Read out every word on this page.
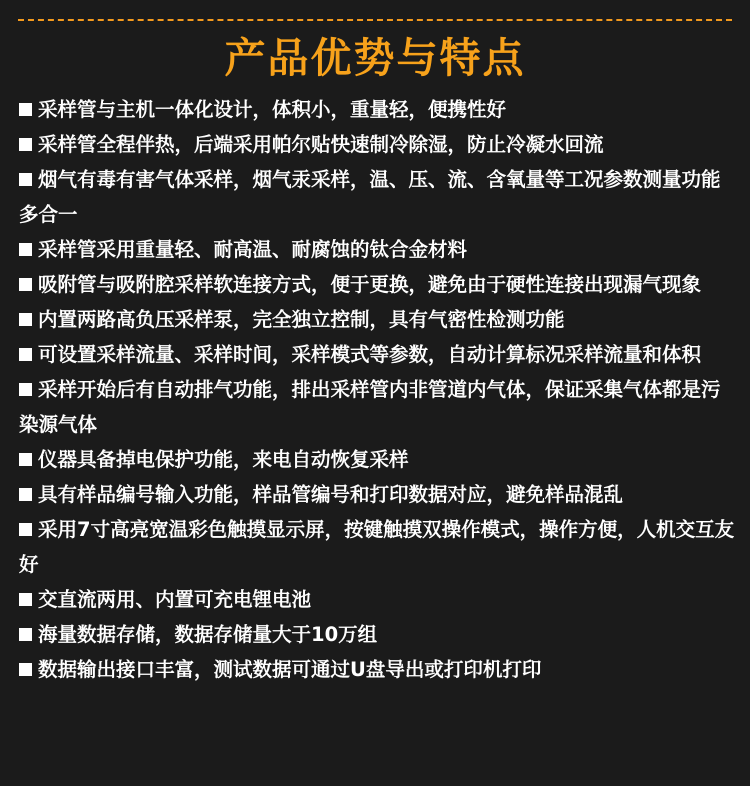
产品优势与特点
采样管与主机一体化设计，体积小，重量轻，便携性好
采样管全程伴热，后端采用帕尔贴快速制冷除湿，防止冷凝水回流
烟气有毒有害气体采样，烟气汞采样，温、压、流、含氧量等工况参数测量功能多合一
采样管采用重量轻、耐高温、耐腐蚀的钛合金材料
吸附管与吸附腔采样软连接方式，便于更换，避免由于硬性连接出现漏气现象
内置两路高负压采样泵，完全独立控制，具有气密性检测功能
可设置采样流量、采样时间，采样模式等参数，自动计算标况采样流量和体积
采样开始后有自动排气功能，排出采样管内非管道内气体，保证采集气体都是污染源气体
仪器具备掉电保护功能，来电自动恢复采样
具有样品编号输入功能，样品管编号和打印数据对应，避免样品混乱
采用7寸高亮宽温彩色触摸显示屏，按键触摸双操作模式，操作方便，人机交互友好
交直流两用、内置可充电锂电池
海量数据存储，数据存储量大于10万组
数据输出接口丰富，测试数据可通过U盘导出或打印机打印
